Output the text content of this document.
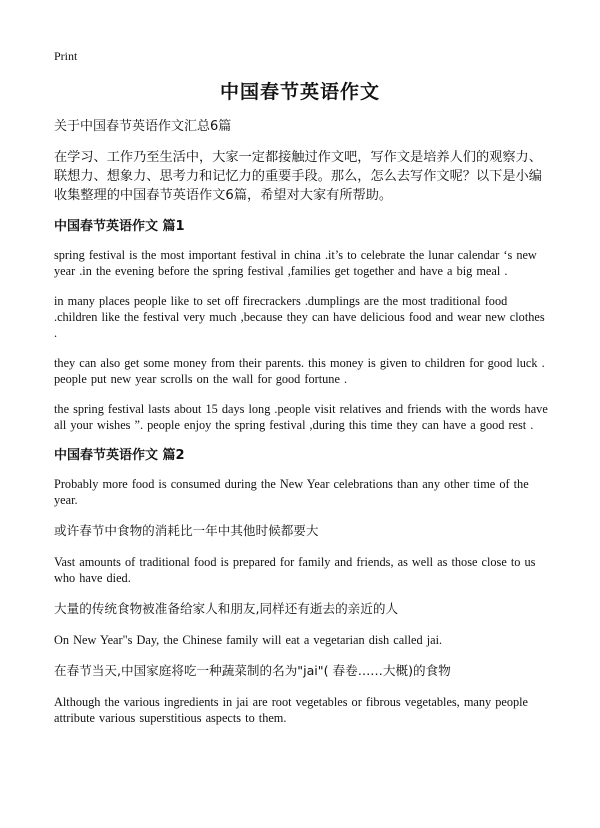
Print
中国春节英语作文

关于中国春节英语作文汇总6篇

在学习、工作乃至生活中，大家一定都接触过作文吧，写作文是培养人们的观察力、联想力、想象力、思考力和记忆力的重要手段。那么，怎么去写作文呢？以下是小编收集整理的中国春节英语作文6篇，希望对大家有所帮助。

中国春节英语作文 篇1

spring festival is the most important festival in china .it’s to celebrate the lunar calendar ‘s new year .in the evening before the spring festival ,families get together and have a big meal .

in many places people like to set off firecrackers .dumplings are the most traditional food .children like the festival very much ,because they can have delicious food and wear new clothes .

they can also get some money from their parents. this money is given to children for good luck . people put new year scrolls on the wall for good fortune .

the spring festival lasts about 15 days long .people visit relatives and friends with the words have all your wishes ”. people enjoy the spring festival ,during this time they can have a good rest .

中国春节英语作文 篇2

Probably more food is consumed during the New Year celebrations than any other time of the year.

或许春节中食物的消耗比一年中其他时候都要大

Vast amounts of traditional food is prepared for family and friends, as well as those close to us who have died.

大量的传统食物被准备给家人和朋友,同样还有逝去的亲近的人

On New Year"s Day, the Chinese family will eat a vegetarian dish called jai.

在春节当天,中国家庭将吃一种蔬菜制的名为"jai"( 春卷……大概)的食物

Although the various ingredients in jai are root vegetables or fibrous vegetables, many people attribute various superstitious aspects to them.
